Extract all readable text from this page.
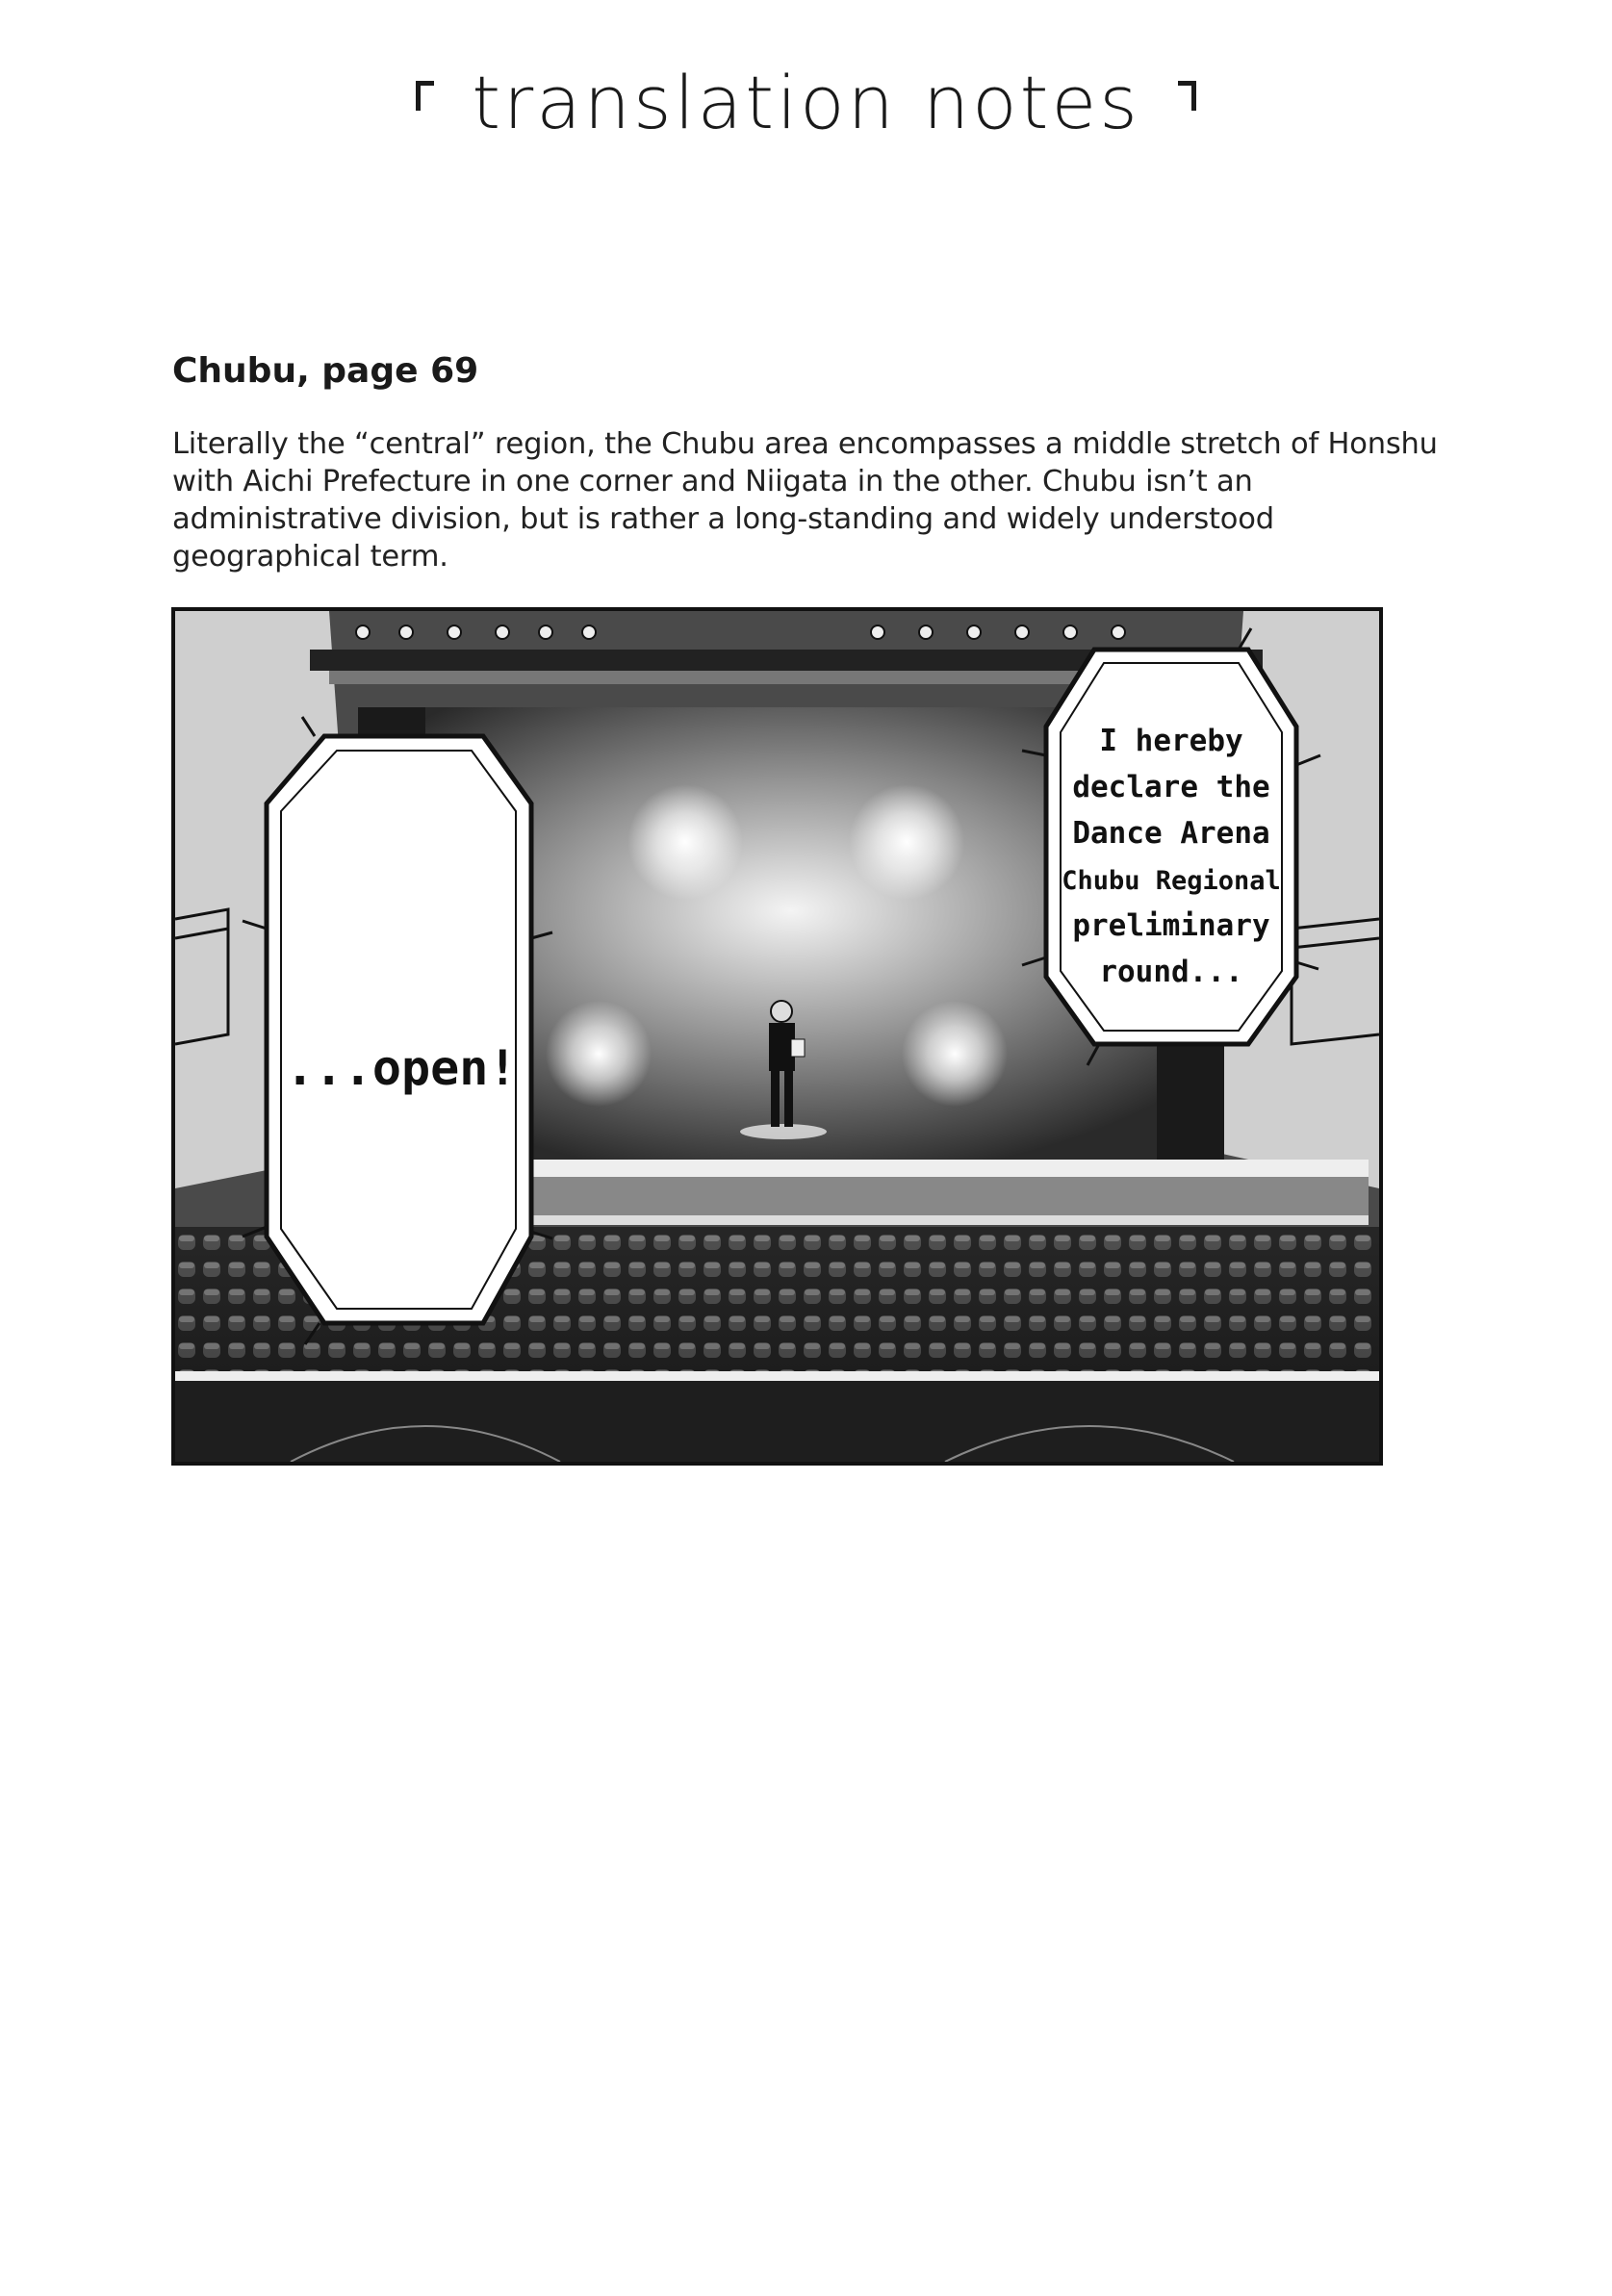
translation notes
Chubu, page 69

Literally the “central” region, the Chubu area encompasses a middle stretch of Honshu with Aichi Prefecture in one corner and Niigata in the other. Chubu isn’t an administrative division, but is rather a long-standing and widely understood geographical term.

...open!
I hereby
declare the
Dance Arena
Chubu Regional
preliminary
round...
